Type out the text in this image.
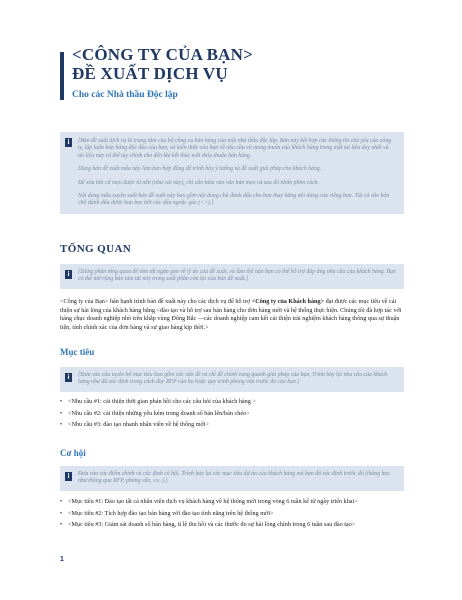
<CÔNG TY CỦA BẠN>
ĐỀ XUẤT DỊCH VỤ
Cho các Nhà thầu Độc lập
i	[Bản đề xuất dịch vụ là trung tâm của bộ công cụ bán hàng của một nhà thầu độc lập. Bản này kết hợp các thông tin chủ yếu của công ty, lập luận bán hàng độc đáo của bạn, và kiến thức của bạn về nhu cầu và mong muốn của khách hàng trong một tài liệu duy nhất và tài liệu này có thể tùy chỉnh cho đến khi kết thúc mỗi thỏa thuận bán hàng.

Dùng bản đề xuất mẫu này làm bản hợp đồng để trình bày ý tưởng và đề xuất giải pháp cho khách hàng.

Để xóa bất cứ mẹo được tô nền (như cái này), chỉ cần bấm vào văn bản mẹo và sau đó nhấn phím cách.

Nội dung mẫu xuyên suốt bản đề xuất này bao gồm nội dung chủ đánh dấu cho bạn thay bằng nội dung của riêng bạn. Tất cả văn bản chỗ đánh dấu được bao bọc bởi các dấu ngoặc góc (<>).]

TỔNG QUAN
i	[Dùng phần tổng quan để tóm tắt ngắn gọn về lý do của đề xuất, và làm thế nào bạn có thể hỗ trợ đáp ứng nhu cầu của khách hàng. Bạn có thể mở rộng bản tóm tắt này trong suốt phần còn lại của bản đề xuất.]

<Công ty của Bạn> hân hạnh trình bản đề xuất này cho các dịch vụ để hỗ trợ <Công ty của Khách hàng> đạt được các mục tiêu về cải thiện sự hài lòng của khách hàng bằng <đào tạo và hỗ trợ sau bán hàng cho đơn hàng mới và hệ thống thực hiện. Chúng tôi đã hợp tác với hàng chục doanh nghiệp nhỏ trên khắp vùng Đông Bắc —các doanh nghiệp cam kết cải thiện trải nghiệm khách hàng thông qua sự thuận tiện, tính chính xác của đơn hàng và sự giao hàng kịp thời.>
Mục tiêu
i	[Đưa vào câu tuyên bố mục tiêu bao gồm các vấn đề và chỉ đề chính cung quanh giải pháp của bạn. Trình bày lại nhu cầu của khách hàng như đã xác định trong cách đọc RFP của họ hoặc quy trình phỏng vấn trước đó của bạn.]

• <Nhu cầu #1: cải thiện thời gian phản hồi cho các câu hỏi của khách hàng >
• <Nhu cầu #2: cải thiện những yêu kém trong doanh số bán lên/bán chéo>
• <Nhu cầu #3: đào tạo nhanh nhân viên về hệ thống mới>
Cơ hội
i	Đưa vào các điểm chính và các định có hội. Trình bày lại các mục tiêu dự án của khách hàng mà bạn đã xác định trước đó (thông học như thông qua RFP, phỏng vấn, v.v..).]

• <Mục tiêu #1: Đào tạo tất cả nhân viên dịch vụ khách hàng về hệ thống mới trong vòng 6 tuần kể từ ngày triển khai>
• <Mục tiêu #2: Tích hợp đào tạo bán hàng với đào tạo tính năng trên hệ thống mới>
• <Mục tiêu #3: Giảm sát doanh số bán hàng, tỉ lệ thu hồi và các thước đo sự hài lòng chính trong 6 tuần sau đào tạo>
1
